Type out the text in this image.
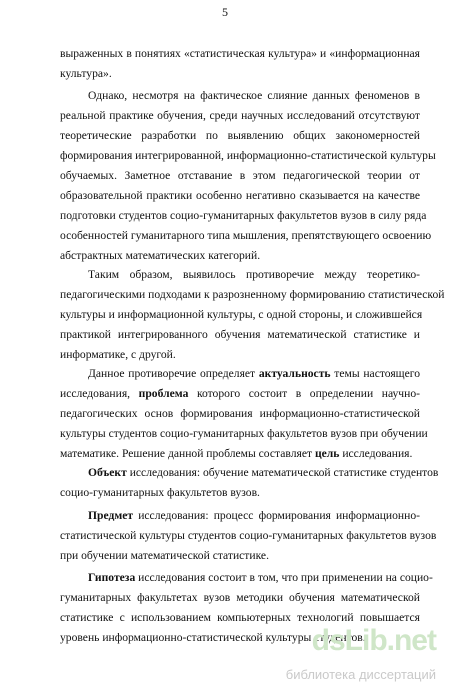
5
выраженных в понятиях «статистическая культура» и «информационная
культура».
Однако, несмотря на фактическое слияние данных феноменов в
реальной практике обучения, среди научных исследований отсутствуют
теоретические разработки по выявлению общих закономерностей
формирования интегрированной, информационно-статистической культуры
обучаемых. Заметное отставание в этом педагогической теории от
образовательной практики особенно негативно сказывается на качестве
подготовки студентов социо-гуманитарных факультетов вузов в силу ряда
особенностей гуманитарного типа мышления, препятствующего освоению
абстрактных математических категорий.
Таким образом, выявилось противоречие между теоретико-
педагогическими подходами к разрозненному формированию статистической
культуры и информационной культуры, с одной стороны, и сложившейся
практикой интегрированного обучения математической статистике и
информатике, с другой.
Данное противоречие определяет актуальность темы настоящего
исследования, проблема которого состоит в определении научно-
педагогических основ формирования информационно-статистической
культуры студентов социо-гуманитарных факультетов вузов при обучении
математике. Решение данной проблемы составляет цель исследования.
Объект исследования: обучение математической статистике студентов
социо-гуманитарных факультетов вузов.
Предмет исследования: процесс формирования информационно-
статистической культуры студентов социо-гуманитарных факультетов вузов
при обучении математической статистике.
Гипотеза исследования состоит в том, что при применении на социо-
гуманитарных факультетах вузов методики обучения математической
статистике с использованием компьютерных технологий повышается
уровень информационно-статистической культуры студентов.
dsLib.net
библиотека диссертаций
